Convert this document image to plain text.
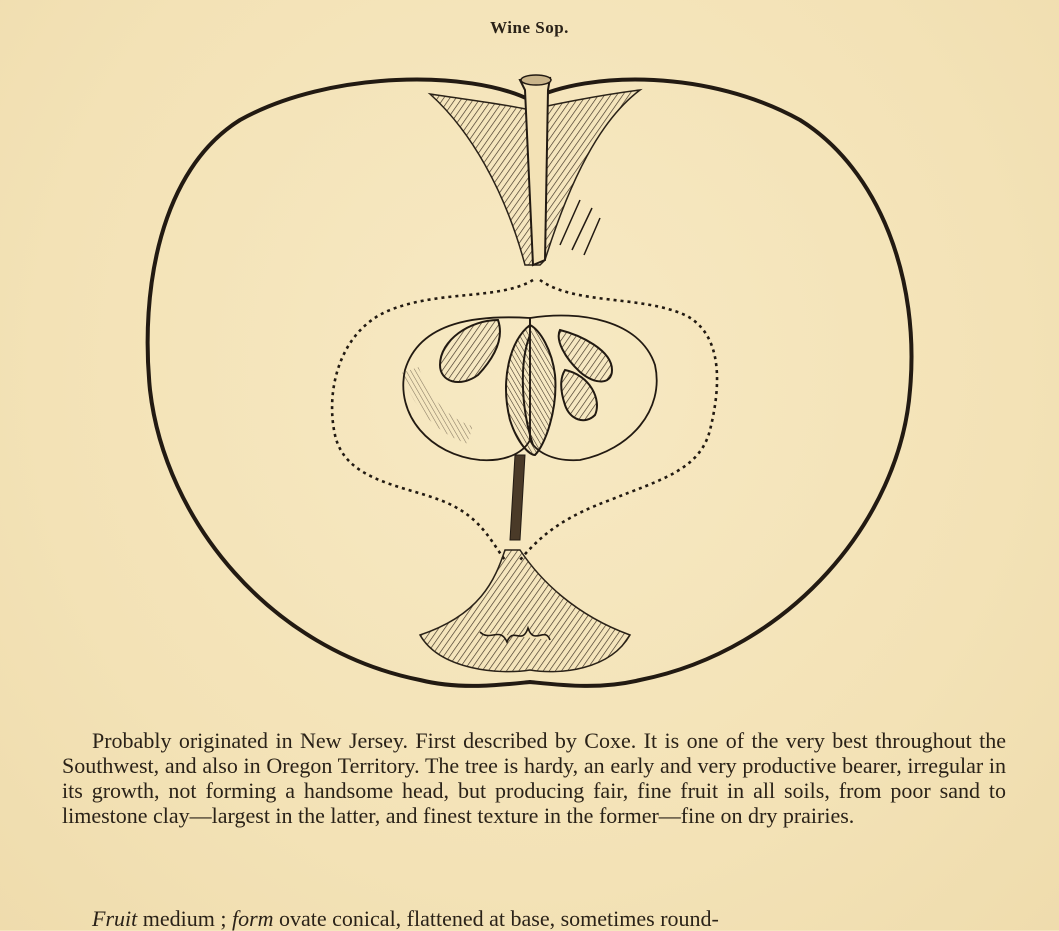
Wine Sop.

Probably originated in New Jersey. First described by Coxe. It is one of the very best throughout the Southwest, and also in Oregon Territory. The tree is hardy, an early and very productive bearer, irregular in its growth, not forming a handsome head, but producing fair, fine fruit in all soils, from poor sand to limestone clay—largest in the latter, and finest texture in the former—fine on dry prairies.

Fruit medium ; form ovate conical, flattened at base, sometimes round-
